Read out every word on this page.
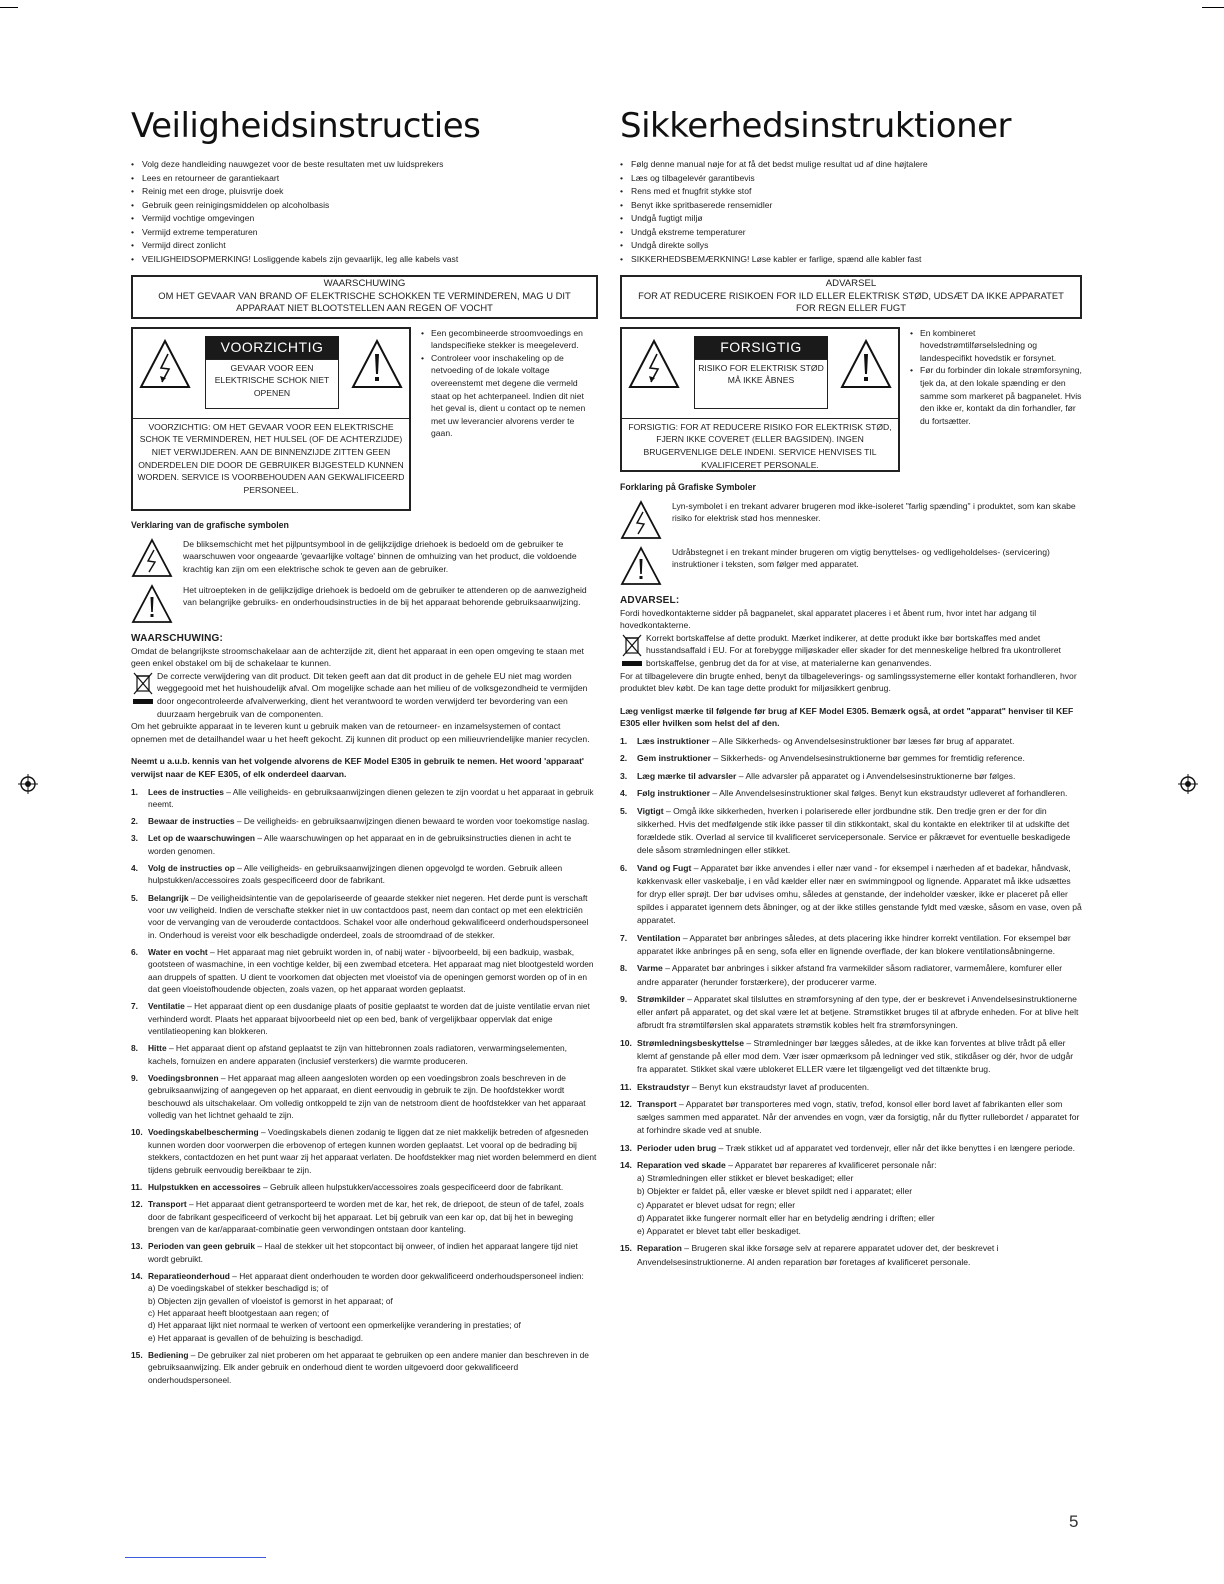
Veiligheidsinstructies
• Volg deze handleiding nauwgezet voor de beste resultaten met uw luidsprekers
• Lees en retourneer de garantiekaart
• Reinig met een droge, pluisvrije doek
• Gebruik geen reinigingsmiddelen op alcoholbasis
• Vermijd vochtige omgevingen
• Vermijd extreme temperaturen
• Vermijd direct zonlicht
• VEILIGHEIDSOPMERKING! Losliggende kabels zijn gevaarlijk, leg alle kabels vast
WAARSCHUWING
OM HET GEVAAR VAN BRAND OF ELEKTRISCHE SCHOKKEN TE VERMINDEREN, MAG U DIT APPARAAT NIET BLOOTSTELLEN AAN REGEN OF VOCHT
VOORZICHTIG
GEVAAR VOOR EEN ELEKTRISCHE SCHOK NIET OPENEN
VOORZICHTIG: OM HET GEVAAR VOOR EEN ELEKTRISCHE SCHOK TE VERMINDEREN, HET HULSEL (OF DE ACHTERZIJDE) NIET VERWIJDEREN. AAN DE BINNENZIJDE ZITTEN GEEN ONDERDELEN DIE DOOR DE GEBRUIKER BIJGESTELD KUNNEN WORDEN. SERVICE IS VOORBEHOUDEN AAN GEKWALIFICEERD PERSONEEL.

• Een gecombineerde stroomvoedings en landspecifieke stekker is meegeleverd.

• Controleer voor inschakeling op de netvoeding of de lokale voltage overeenstemt met degene die vermeld staat op het achterpaneel. Indien dit niet het geval is, dient u contact op te nemen met uw leverancier alvorens verder te gaan.

Verklaring van de grafische symbolen
De bliksemschicht met het pijlpuntsymbool in de gelijkzijdige driehoek is bedoeld om de gebruiker te waarschuwen voor ongeaarde 'gevaarlijke voltage' binnen de omhuizing van het product, die voldoende krachtig kan zijn om een elektrische schok te geven aan de gebruiker.
Het uitroepteken in de gelijkzijdige driehoek is bedoeld om de gebruiker te attenderen op de aanwezigheid van belangrijke gebruiks- en onderhoudsinstructies in de bij het apparaat behorende gebruiksaanwijzing.
WAARSCHUWING:

Omdat de belangrijkste stroomschakelaar aan de achterzijde zit, dient het apparaat in een open omgeving te staan met geen enkel obstakel om bij de schakelaar te kunnen.

De correcte verwijdering van dit product. Dit teken geeft aan dat dit product in de gehele EU niet mag worden weggegooid met het huishoudelijk afval. Om mogelijke schade aan het milieu of de volksgezondheid te vermijden door ongecontroleerde afvalverwerking, dient het verantwoord te worden verwijderd ter bevordering van een duurzaam hergebruik van de componenten.

Om het gebruikte apparaat in te leveren kunt u gebruik maken van de retourneer- en inzamelsystemen of contact opnemen met de detailhandel waar u het heeft gekocht. Zij kunnen dit product op een milieuvriendelijke manier recyclen.

Neemt u a.u.b. kennis van het volgende alvorens de KEF Model E305 in gebruik te nemen. Het woord 'apparaat' verwijst naar de KEF E305, of elk onderdeel daarvan.

1. Lees de instructies – Alle veiligheids- en gebruiksaanwijzingen dienen gelezen te zijn voordat u het apparaat in gebruik neemt.
2. Bewaar de instructies – De veiligheids- en gebruiksaanwijzingen dienen bewaard te worden voor toekomstige naslag.
3. Let op de waarschuwingen – Alle waarschuwingen op het apparaat en in de gebruiksinstructies dienen in acht te worden genomen.
4. Volg de instructies op – Alle veiligheids- en gebruiksaanwijzingen dienen opgevolgd te worden. Gebruik alleen hulpstukken/accessoires zoals gespecificeerd door de fabrikant.
5. Belangrijk – De veiligheidsintentie van de gepolariseerde of geaarde stekker niet negeren. Het derde punt is verschaft voor uw veiligheid. Indien de verschafte stekker niet in uw contactdoos past, neem dan contact op met een elektriciën voor de vervanging van de verouderde contactdoos. Schakel voor alle onderhoud gekwalificeerd onderhoudspersoneel in. Onderhoud is vereist voor elk beschadigde onderdeel, zoals de stroomdraad of de stekker.
6. Water en vocht – Het apparaat mag niet gebruikt worden in, of nabij water - bijvoorbeeld, bij een badkuip, wasbak, gootsteen of wasmachine, in een vochtige kelder, bij een zwembad etcetera. Het apparaat mag niet blootgesteld worden aan druppels of spatten. U dient te voorkomen dat objecten met vloeistof via de openingen gemorst worden op of in en dat geen vloeistofhoudende objecten, zoals vazen, op het apparaat worden geplaatst.
7. Ventilatie – Het apparaat dient op een dusdanige plaats of positie geplaatst te worden dat de juiste ventilatie ervan niet verhinderd wordt. Plaats het apparaat bijvoorbeeld niet op een bed, bank of vergelijkbaar oppervlak dat enige ventilatieopening kan blokkeren.
8. Hitte – Het apparaat dient op afstand geplaatst te zijn van hittebronnen zoals radiatoren, verwarmingselementen, kachels, fornuizen en andere apparaten (inclusief versterkers) die warmte produceren.
9. Voedingsbronnen – Het apparaat mag alleen aangesloten worden op een voedingsbron zoals beschreven in de gebruiksaanwijzing of aangegeven op het apparaat, en dient eenvoudig in gebruik te zijn. De hoofdstekker wordt beschouwd als uitschakelaar. Om volledig ontkoppeld te zijn van de netstroom dient de hoofdstekker van het apparaat volledig van het lichtnet gehaald te zijn.
10. Voedingskabelbescherming – Voedingskabels dienen zodanig te liggen dat ze niet makkelijk betreden of afgesneden kunnen worden door voorwerpen die erbovenop of ertegen kunnen worden geplaatst. Let vooral op de bedrading bij stekkers, contactdozen en het punt waar zij het apparaat verlaten. De hoofdstekker mag niet worden belemmerd en dient tijdens gebruik eenvoudig bereikbaar te zijn.
11. Hulpstukken en accessoires – Gebruik alleen hulpstukken/accessoires zoals gespecificeerd door de fabrikant.
12. Transport – Het apparaat dient getransporteerd te worden met de kar, het rek, de driepoot, de steun of de tafel, zoals door de fabrikant gespecificeerd of verkocht bij het apparaat. Let bij gebruik van een kar op, dat bij het in beweging brengen van de kar/apparaat-combinatie geen verwondingen ontstaan door kanteling.
13. Perioden van geen gebruik – Haal de stekker uit het stopcontact bij onweer, of indien het apparaat langere tijd niet wordt gebruikt.
14. Reparatieonderhoud – Het apparaat dient onderhouden te worden door gekwalificeerd onderhoudspersoneel indien:
a) De voedingskabel of stekker beschadigd is; of
b) Objecten zijn gevallen of vloeistof is gemorst in het apparaat; of
c) Het apparaat heeft blootgestaan aan regen; of
d) Het apparaat lijkt niet normaal te werken of vertoont een opmerkelijke verandering in prestaties; of
e) Het apparaat is gevallen of de behuizing is beschadigd.
15. Bediening – De gebruiker zal niet proberen om het apparaat te gebruiken op een andere manier dan beschreven in de gebruiksaanwijzing. Elk ander gebruik en onderhoud dient te worden uitgevoerd door gekwalificeerd onderhoudspersoneel.
Sikkerhedsinstruktioner
• Følg denne manual nøje for at få det bedst mulige resultat ud af dine højtalere
• Læs og tilbagelevér garantibevis
• Rens med et fnugfrit stykke stof
• Benyt ikke spritbaserede rensemidler
• Undgå fugtigt miljø
• Undgå ekstreme temperaturer
• Undgå direkte sollys
• SIKKERHEDSBEMÆRKNING! Løse kabler er farlige, spænd alle kabler fast
ADVARSEL
FOR AT REDUCERE RISIKOEN FOR ILD ELLER ELEKTRISK STØD, UDSÆT DA IKKE APPARATET FOR REGN ELLER FUGT
FORSIGTIG
RISIKO FOR ELEKTRISK STØD MÅ IKKE ÅBNES
FORSIGTIG: FOR AT REDUCERE RISIKO FOR ELEKTRISK STØD, FJERN IKKE COVERET (ELLER BAGSIDEN). INGEN BRUGERVENLIGE DELE INDENI. SERVICE HENVISES TIL KVALIFICERET PERSONALE.

• En kombineret hovedstrømtilførselsledning og landespecifikt hovedstik er forsynet.

• Før du forbinder din lokale strømforsyning, tjek da, at den lokale spænding er den samme som markeret på bagpanelet. Hvis den ikke er, kontakt da din forhandler, før du fortsætter.

Forklaring på Grafiske Symboler
Lyn-symbolet i en trekant advarer brugeren mod ikke-isoleret "farlig spænding" i produktet, som kan skabe risiko for elektrisk stød hos mennesker.
Udråbstegnet i en trekant minder brugeren om vigtig benyttelses- og vedligeholdelses- (servicering) instruktioner i teksten, som følger med apparatet.
ADVARSEL:

Fordi hovedkontakterne sidder på bagpanelet, skal apparatet placeres i et åbent rum, hvor intet har adgang til hovedkontakterne.

Korrekt bortskaffelse af dette produkt. Mærket indikerer, at dette produkt ikke bør bortskaffes med andet husstandsaffald i EU. For at forebygge miljøskader eller skader for det menneskelige helbred fra ukontrolleret bortskaffelse, genbrug det da for at vise, at materialerne kan genanvendes.

For at tilbagelevere din brugte enhed, benyt da tilbageleverings- og samlingssystemerne eller kontakt forhandleren, hvor produktet blev købt. De kan tage dette produkt for miljøsikkert genbrug.

Læg venligst mærke til følgende før brug af KEF Model E305. Bemærk også, at ordet "apparat" henviser til KEF E305 eller hvilken som helst del af den.

1. Læs instruktioner – Alle Sikkerheds- og Anvendelsesinstruktioner bør læses før brug af apparatet.
2. Gem instruktioner – Sikkerheds- og Anvendelsesinstruktionerne bør gemmes for fremtidig reference.
3. Læg mærke til advarsler – Alle advarsler på apparatet og i Anvendelsesinstruktionerne bør følges.
4. Følg instruktioner – Alle Anvendelsesinstruktioner skal følges. Benyt kun ekstraudstyr udleveret af forhandleren.
5. Vigtigt – Omgå ikke sikkerheden, hverken i polariserede eller jordbundne stik. Den tredje gren er der for din sikkerhed. Hvis det medfølgende stik ikke passer til din stikkontakt, skal du kontakte en elektriker til at udskifte det forældede stik. Overlad al service til kvalificeret servicepersonale. Service er påkrævet for eventuelle beskadigede dele såsom strømledningen eller stikket.
6. Vand og Fugt – Apparatet bør ikke anvendes i eller nær vand - for eksempel i nærheden af et badekar, håndvask, køkkenvask eller vaskebalje, i en våd kælder eller nær en swimmingpool og lignende. Apparatet må ikke udsættes for dryp eller sprøjt. Der bør udvises omhu, således at genstande, der indeholder væsker, ikke er placeret på eller spildes i apparatet igennem dets åbninger, og at der ikke stilles genstande fyldt med væske, såsom en vase, oven på apparatet.
7. Ventilation – Apparatet bør anbringes således, at dets placering ikke hindrer korrekt ventilation. For eksempel bør apparatet ikke anbringes på en seng, sofa eller en lignende overflade, der kan blokere ventilationsåbningerne.
8. Varme – Apparatet bør anbringes i sikker afstand fra varmekilder såsom radiatorer, varmemålere, komfurer eller andre apparater (herunder forstærkere), der producerer varme.
9. Strømkilder – Apparatet skal tilsluttes en strømforsyning af den type, der er beskrevet i Anvendelsesinstruktionerne eller anført på apparatet, og det skal være let at betjene. Strømstikket bruges til at afbryde enheden. For at blive helt afbrudt fra strømtilførslen skal apparatets strømstik kobles helt fra strømforsyningen.
10. Strømledningsbeskyttelse – Strømledninger bør lægges således, at de ikke kan forventes at blive trådt på eller klemt af genstande på eller mod dem. Vær især opmærksom på ledninger ved stik, stikdåser og dér, hvor de udgår fra apparatet. Stikket skal være ublokeret ELLER være let tilgængeligt ved det tiltænkte brug.
11. Ekstraudstyr – Benyt kun ekstraudstyr lavet af producenten.
12. Transport – Apparatet bør transporteres med vogn, stativ, trefod, konsol eller bord lavet af fabrikanten eller som sælges sammen med apparatet. Når der anvendes en vogn, vær da forsigtig, når du flytter rullebordet / apparatet for at forhindre skade ved at snuble.
13. Perioder uden brug – Træk stikket ud af apparatet ved tordenvejr, eller når det ikke benyttes i en længere periode.
14. Reparation ved skade – Apparatet bør repareres af kvalificeret personale når:
a) Strømledningen eller stikket er blevet beskadiget; eller
b) Objekter er faldet på, eller væske er blevet spildt ned i apparatet; eller
c) Apparatet er blevet udsat for regn; eller
d) Apparatet ikke fungerer normalt eller har en betydelig ændring i driften; eller
e) Apparatet er blevet tabt eller beskadiget.
15. Reparation – Brugeren skal ikke forsøge selv at reparere apparatet udover det, der beskrevet i Anvendelsesinstruktionerne. Al anden reparation bør foretages af kvalificeret personale.
5
